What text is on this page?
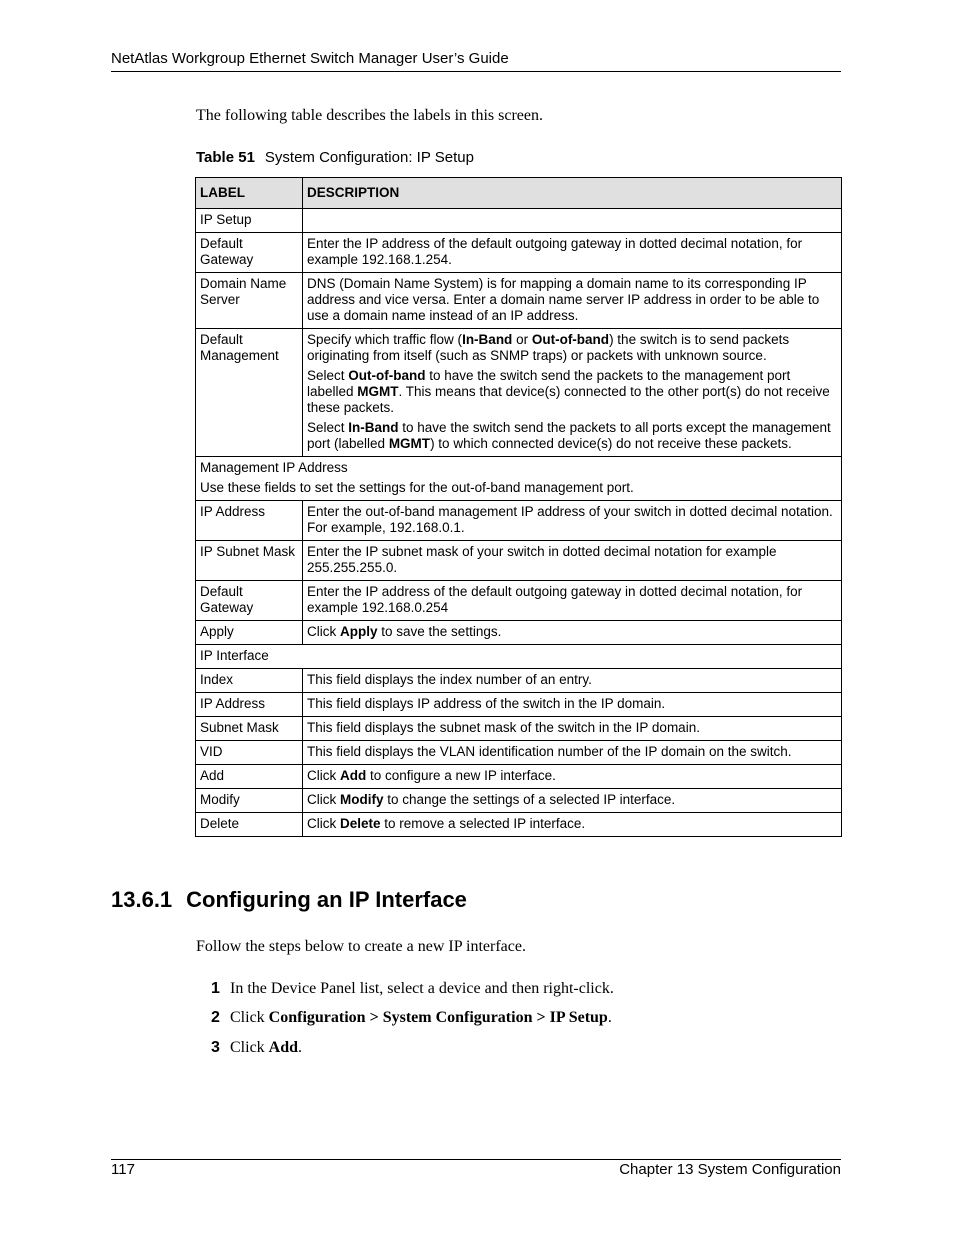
NetAtlas Workgroup Ethernet Switch Manager User’s Guide
The following table describes the labels in this screen.
Table 51 System Configuration: IP Setup
LABEL	DESCRIPTION
IP Setup	
Default Gateway	Enter the IP address of the default outgoing gateway in dotted decimal notation, for example 192.168.1.254.
Domain Name Server	DNS (Domain Name System) is for mapping a domain name to its corresponding IP address and vice versa. Enter a domain name server IP address in order to be able to use a domain name instead of an IP address.
Default Management	Specify which traffic flow (In-Band or Out-of-band) the switch is to send packets originating from itself (such as SNMP traps) or packets with unknown source.

Select Out-of-band to have the switch send the packets to the management port labelled MGMT. This means that device(s) connected to the other port(s) do not receive these packets.

Select In-Band to have the switch send the packets to all ports except the management port (labelled MGMT) to which connected device(s) do not receive these packets.

Management IP Address
Use these fields to set the settings for the out-of-band management port.	

IP Address	Enter the out-of-band management IP address of your switch in dotted decimal notation. For example, 192.168.0.1.
IP Subnet Mask	Enter the IP subnet mask of your switch in dotted decimal notation for example 255.255.255.0.
Default Gateway	Enter the IP address of the default outgoing gateway in dotted decimal notation, for example 192.168.0.254
Apply	Click Apply to save the settings.
IP Interface	
Index	This field displays the index number of an entry.
IP Address	This field displays IP address of the switch in the IP domain.
Subnet Mask	This field displays the subnet mask of the switch in the IP domain.
VID	This field displays the VLAN identification number of the IP domain on the switch.
Add	Click Add to configure a new IP interface.
Modify	Click Modify to change the settings of a selected IP interface.
Delete	Click Delete to remove a selected IP interface.
13.6.1 Configuring an IP Interface
Follow the steps below to create a new IP interface.
1 In the Device Panel list, select a device and then right-click.
2 Click Configuration > System Configuration > IP Setup.
3 Click Add.
117	Chapter 13 System Configuration
